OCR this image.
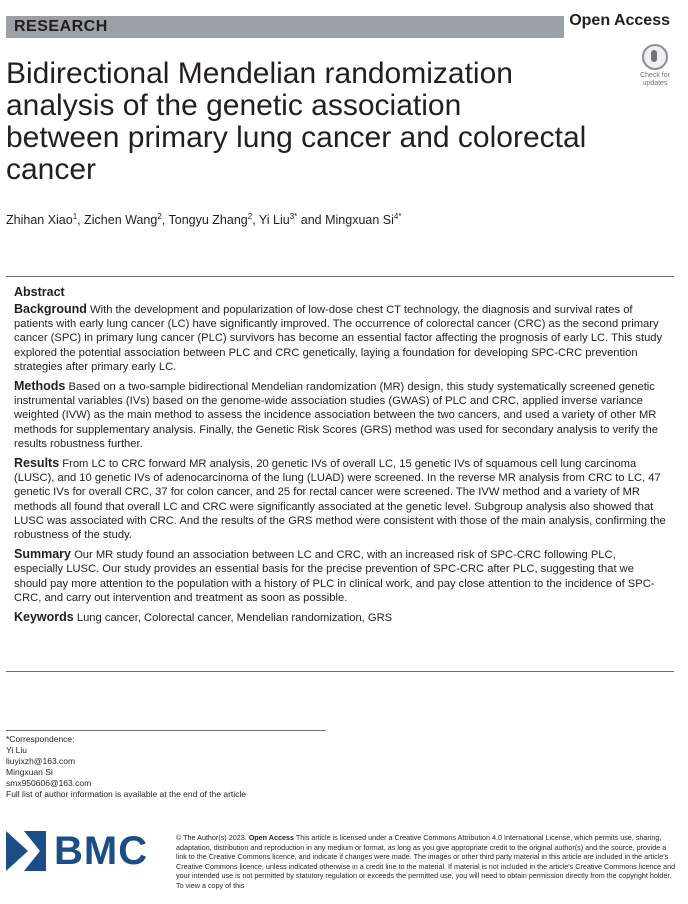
RESEARCH	Open Access
Bidirectional Mendelian randomization
analysis of the genetic association
between primary lung cancer and colorectal
cancer
Check for
updates
Zhihan Xiao$^1$, Zichen Wang$^2$, Tongyu Zhang$^2$, Yi Liu$^{3*}$ and Mingxuan $Si^{4*}$
Abstract

Background With the development and popularization of low-dose chest CT technology, the diagnosis and survival rates of patients with early lung cancer (LC) have significantly improved. The occurrence of colorectal cancer (CRC) as the second primary cancer (SPC) in primary lung cancer (PLC) survivors has become an essential factor affecting the prognosis of early LC. This study explored the potential association between PLC and CRC genetically, laying a foundation for developing SPC-CRC prevention strategies after primary early LC.

Methods Based on a two-sample bidirectional Mendelian randomization (MR) design, this study systematically screened genetic instrumental variables (IVs) based on the genome-wide association studies (GWAS) of PLC and CRC, applied inverse variance weighted (IVW) as the main method to assess the incidence association between the two cancers, and used a variety of other MR methods for supplementary analysis. Finally, the Genetic Risk Scores (GRS) method was used for secondary analysis to verify the results robustness further.

Results From LC to CRC forward MR analysis, 20 genetic IVs of overall LC, 15 genetic IVs of squamous cell lung carcinoma (LUSC), and 10 genetic IVs of adenocarcinoma of the lung (LUAD) were screened. In the reverse MR analysis from CRC to LC, 47 genetic IVs for overall CRC, 37 for colon cancer, and 25 for rectal cancer were screened. The IVW method and a variety of MR methods all found that overall LC and CRC were significantly associated at the genetic level. Subgroup analysis also showed that LUSC was associated with CRC. And the results of the GRS method were consistent with those of the main analysis, confirming the robustness of the study.

Summary Our MR study found an association between LC and CRC, with an increased risk of SPC-CRC following PLC, especially LUSC. Our study provides an essential basis for the precise prevention of SPC-CRC after PLC, suggesting that we should pay more attention to the population with a history of PLC in clinical work, and pay close attention to the incidence of SPC-CRC, and carry out intervention and treatment as soon as possible.

Keywords Lung cancer, Colorectal cancer, Mendelian randomization, GRS

*Correspondence:
Yi Liu
liuyixzh@163.com
Mingxuan Si
smx950606@163.com
Full list of author information is available at the end of the article
BMC	© The Author(s) 2023. Open Access This article is licensed under a Creative Commons Attribution 4.0 International License, which permits use, sharing, adaptation, distribution and reproduction in any medium or format, as long as you give appropriate credit to the original author(s) and the source, provide a link to the Creative Commons licence, and indicate if changes were made. The images or other third party material in this article are included in the article's Creative Commons licence, unless indicated otherwise in a credit line to the material. If material is not included in the article's Creative Commons licence and your intended use is not permitted by statutory regulation or exceeds the permitted use, you will need to obtain permission directly from the copyright holder. To view a copy of this
